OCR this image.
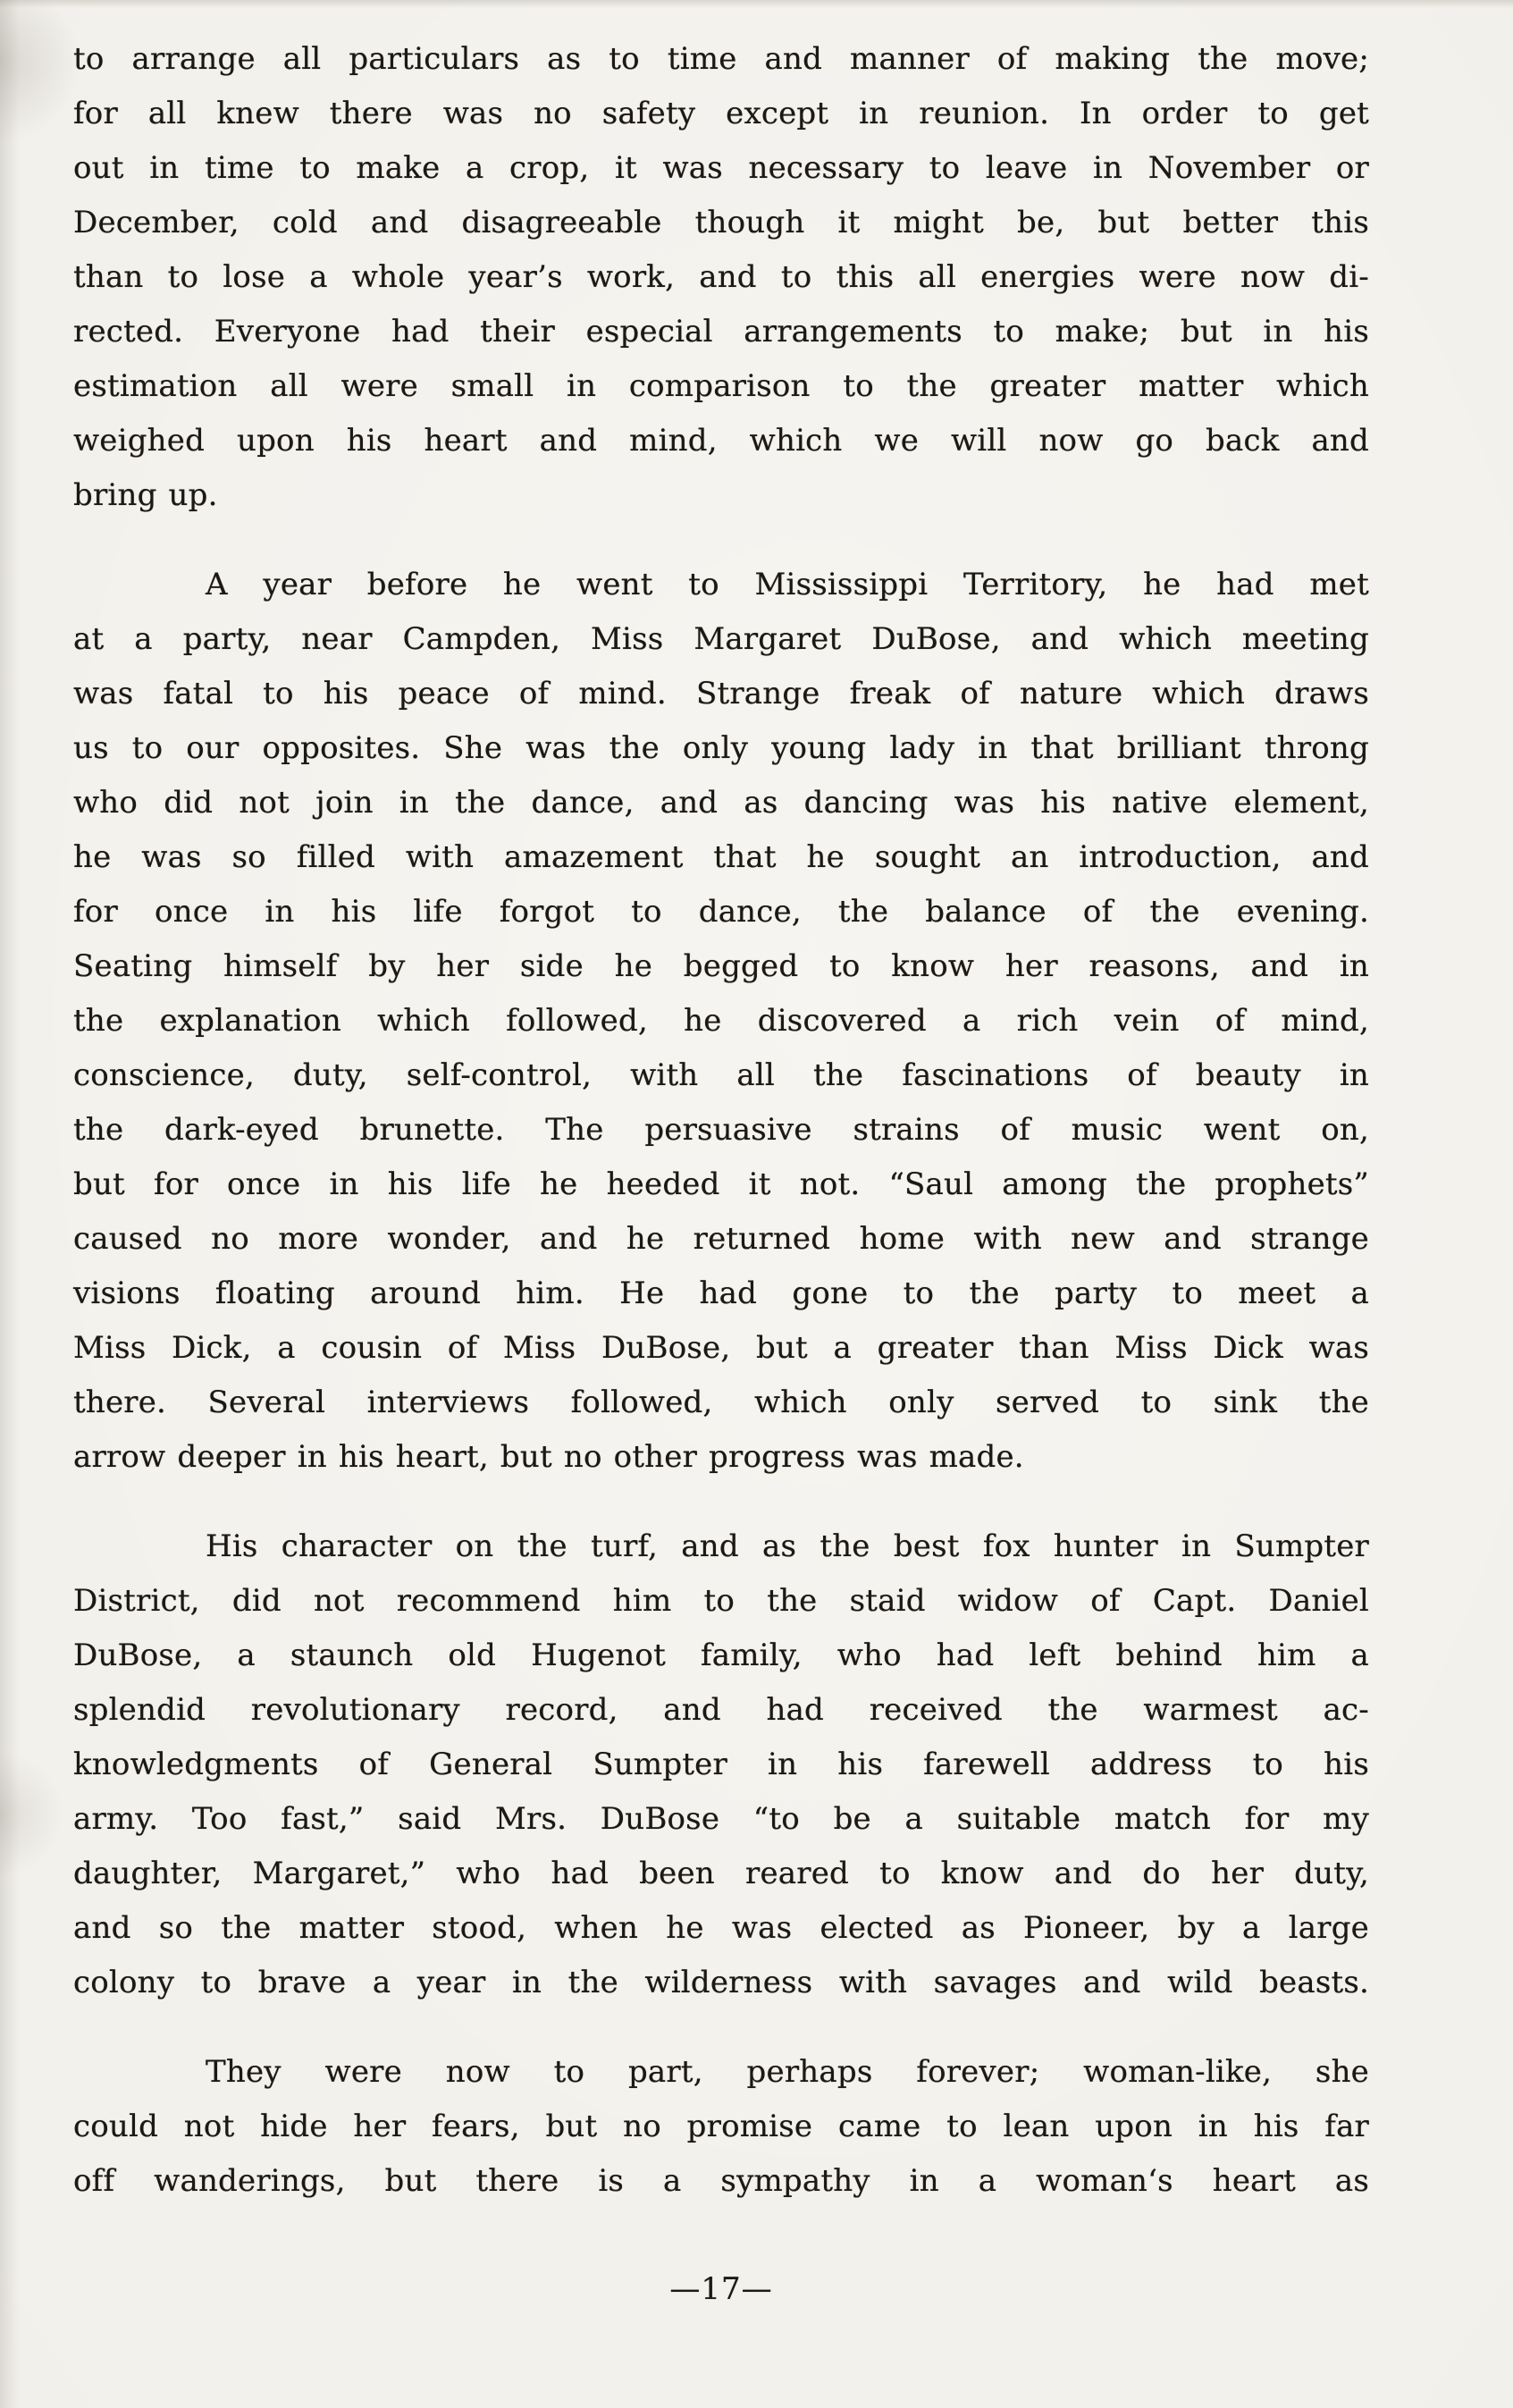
to arrange all particulars as to time and manner of making the move;
for all knew there was no safety except in reunion. In order to get
out in time to make a crop, it was necessary to leave in November or
December, cold and disagreeable though it might be, but better this
than to lose a whole year’s work, and to this all energies were now di-
rected. Everyone had their especial arrangements to make; but in his
estimation all were small in comparison to the greater matter which
weighed upon his heart and mind, which we will now go back and
bring up.
A year before he went to Mississippi Territory, he had met
at a party, near Campden, Miss Margaret DuBose, and which meeting
was fatal to his peace of mind. Strange freak of nature which draws
us to our opposites. She was the only young lady in that brilliant throng
who did not join in the dance, and as dancing was his native element,
he was so filled with amazement that he sought an introduction, and
for once in his life forgot to dance, the balance of the evening.
Seating himself by her side he begged to know her reasons, and in
the explanation which followed, he discovered a rich vein of mind,
conscience, duty, self-control, with all the fascinations of beauty in
the dark-eyed brunette. The persuasive strains of music went on,
but for once in his life he heeded it not. “Saul among the prophets”
caused no more wonder, and he returned home with new and strange
visions floating around him. He had gone to the party to meet a
Miss Dick, a cousin of Miss DuBose, but a greater than Miss Dick was
there. Several interviews followed, which only served to sink the
arrow deeper in his heart, but no other progress was made.
His character on the turf, and as the best fox hunter in Sumpter
District, did not recommend him to the staid widow of Capt. Daniel
DuBose, a staunch old Hugenot family, who had left behind him a
splendid revolutionary record, and had received the warmest ac-
knowledgments of General Sumpter in his farewell address to his
army. Too fast,” said Mrs. DuBose “to be a suitable match for my
daughter, Margaret,” who had been reared to know and do her duty,
and so the matter stood, when he was elected as Pioneer, by a large
colony to brave a year in the wilderness with savages and wild beasts.
They were now to part, perhaps forever; woman-like, she
could not hide her fears, but no promise came to lean upon in his far
off wanderings, but there is a sympathy in a woman‘s heart as
—17—
